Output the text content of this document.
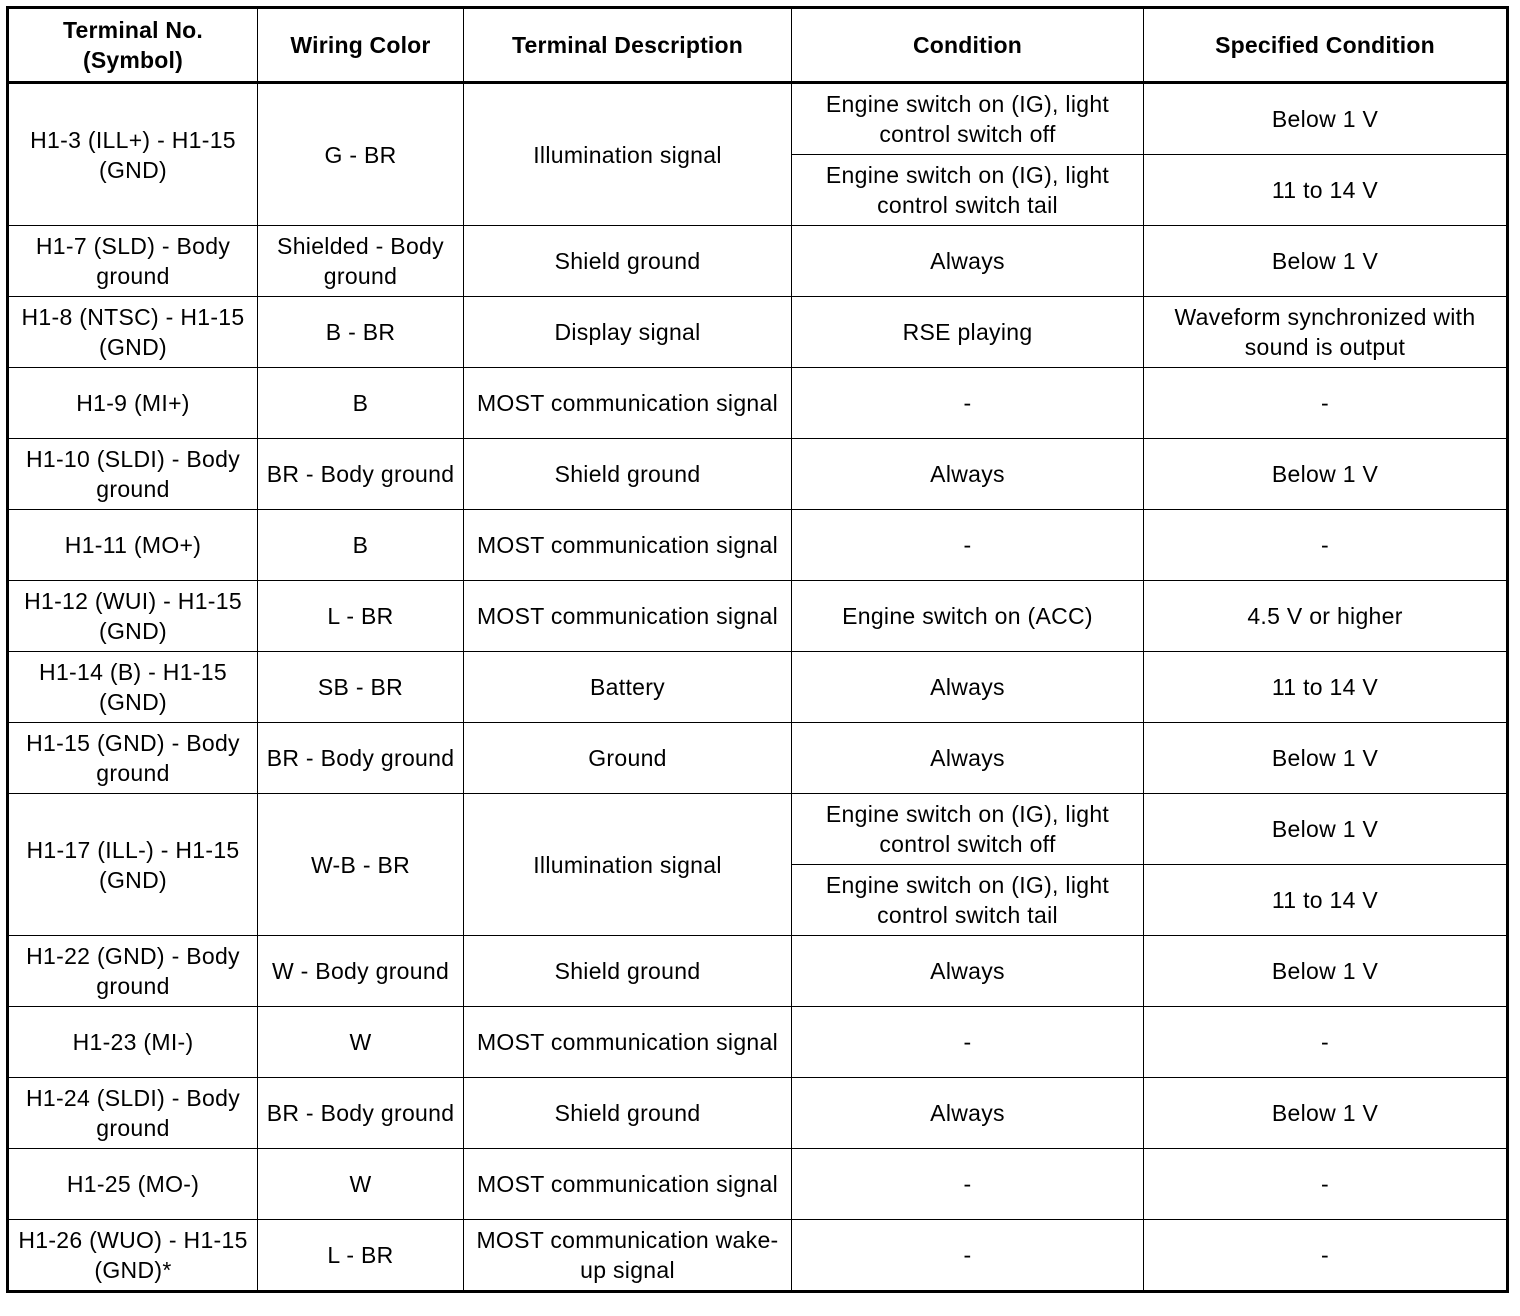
Terminal No.
(Symbol)	Wiring Color	Terminal Description	Condition	Specified Condition
H1-3 (ILL+) - H1-15 (GND)	G - BR	Illumination signal	Engine switch on (IG), light control switch off	Below 1 V
			Engine switch on (IG), light control switch tail	11 to 14 V
H1-7 (SLD) - Body ground	Shielded - Body ground	Shield ground	Always	Below 1 V
H1-8 (NTSC) - H1-15 (GND)	B - BR	Display signal	RSE playing	Waveform synchronized with sound is output
H1-9 (MI+)	B	MOST communication signal	-	-
H1-10 (SLDI) - Body ground	BR - Body ground	Shield ground	Always	Below 1 V
H1-11 (MO+)	B	MOST communication signal	-	-
H1-12 (WUI) - H1-15 (GND)	L - BR	MOST communication signal	Engine switch on (ACC)	4.5 V or higher
H1-14 (B) - H1-15 (GND)	SB - BR	Battery	Always	11 to 14 V
H1-15 (GND) - Body ground	BR - Body ground	Ground	Always	Below 1 V
H1-17 (ILL-) - H1-15 (GND)	W-B - BR	Illumination signal	Engine switch on (IG), light control switch off	Below 1 V
			Engine switch on (IG), light control switch tail	11 to 14 V
H1-22 (GND) - Body ground	W - Body ground	Shield ground	Always	Below 1 V
H1-23 (MI-)	W	MOST communication signal	-	-
H1-24 (SLDI) - Body ground	BR - Body ground	Shield ground	Always	Below 1 V
H1-25 (MO-)	W	MOST communication signal	-	-
H1-26 (WUO) - H1-15 (GND)*	L - BR	MOST communication wake-up signal	-	-
